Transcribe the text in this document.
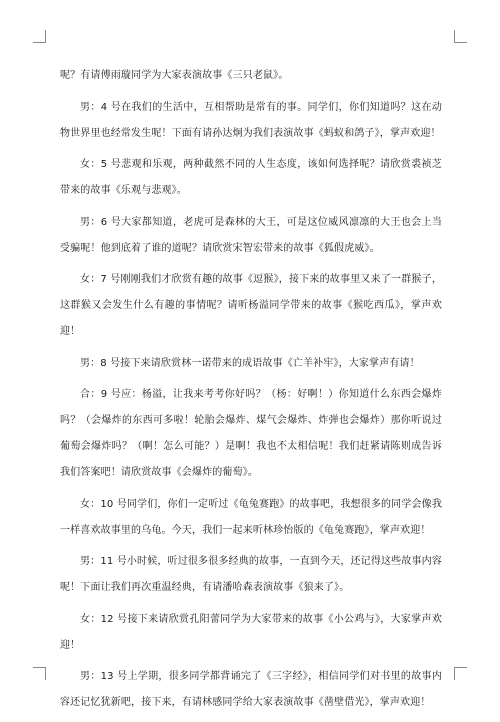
呢？有请傅雨璇同学为大家表演故事《三只老鼠》。

男：4 号在我们的生活中，互相帮助是常有的事。同学们，你们知道吗？这在动物世界里也经常发生呢！下面有请孙达炯为我们表演故事《蚂蚁和鸽子》，掌声欢迎！

女：5 号悲观和乐观，两种截然不同的人生态度，该如何选择呢？请欣赏裘祯芝带来的故事《乐观与悲观》。

男：6 号大家都知道，老虎可是森林的大王，可是这位威风凛凛的大王也会上当受骗呢！他到底着了谁的道呢？请欣赏宋智宏带来的故事《狐假虎威》。

女：7 号刚刚我们才欣赏有趣的故事《逗猴》，接下来的故事里又来了一群猴子，这群猴又会发生什么有趣的事情呢？请听杨溢同学带来的故事《猴吃西瓜》，掌声欢迎！

男：8 号接下来请欣赏林一诺带来的成语故事《亡羊补牢》，大家掌声有请！

合：9 号应：杨溢，让我来考考你好吗？（杨：好啊！）你知道什么东西会爆炸吗？（会爆炸的东西可多啦！轮胎会爆炸、煤气会爆炸、炸弹也会爆炸）那你听说过葡萄会爆炸吗？（啊！怎么可能？）是啊！我也不太相信呢！我们赶紧请陈则成告诉我们答案吧！请欣赏故事《会爆炸的葡萄》。

女：10 号同学们，你们一定听过《龟兔赛跑》的故事吧，我想很多的同学会像我一样喜欢故事里的乌龟。今天，我们一起来听林珍怡版的《龟兔赛跑》，掌声欢迎！

男：11 号小时候，听过很多很多经典的故事，一直到今天，还记得这些故事内容呢！下面让我们再次重温经典，有请潘哈森表演故事《狼来了》。

女：12 号接下来请欣赏孔阳蕾同学为大家带来的故事《小公鸡与》，大家掌声欢迎！

男：13 号上学期，很多同学都背诵完了《三字经》，相信同学们对书里的故事内容还记忆犹新吧，接下来，有请林感同学给大家表演故事《凿壁借光》，掌声欢迎！
